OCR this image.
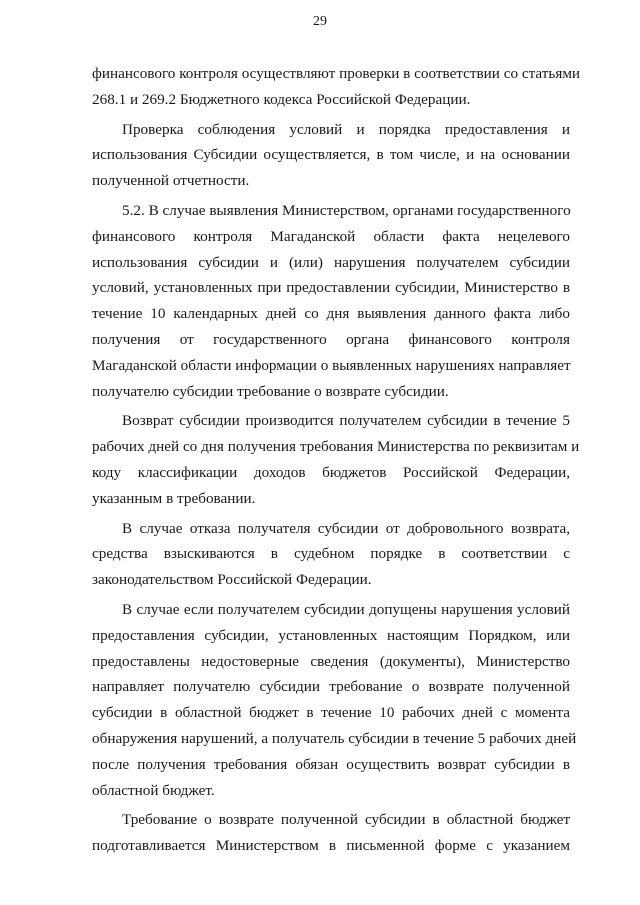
29

финансового контроля осуществляют проверки в соответствии со статьями
268.1 и 269.2 Бюджетного кодекса Российской Федерации.

Проверка соблюдения условий и порядка предоставления и
использования Субсидии осуществляется, в том числе, и на основании
полученной отчетности.

5.2. В случае выявления Министерством, органами государственного
финансового контроля Магаданской области факта нецелевого
использования субсидии и (или) нарушения получателем субсидии
условий, установленных при предоставлении субсидии, Министерство в
течение 10 календарных дней со дня выявления данного факта либо
получения от государственного органа финансового контроля
Магаданской области информации о выявленных нарушениях направляет
получателю субсидии требование о возврате субсидии.

Возврат субсидии производится получателем субсидии в течение 5
рабочих дней со дня получения требования Министерства по реквизитам и
коду классификации доходов бюджетов Российской Федерации,
указанным в требовании.

В случае отказа получателя субсидии от добровольного возврата,
средства взыскиваются в судебном порядке в соответствии с
законодательством Российской Федерации.

В случае если получателем субсидии допущены нарушения условий
предоставления субсидии, установленных настоящим Порядком, или
предоставлены недостоверные сведения (документы), Министерство
направляет получателю субсидии требование о возврате полученной
субсидии в областной бюджет в течение 10 рабочих дней с момента
обнаружения нарушений, а получатель субсидии в течение 5 рабочих дней
после получения требования обязан осуществить возврат субсидии в
областной бюджет.

Требование о возврате полученной субсидии в областной бюджет
подготавливается Министерством в письменной форме с указанием
